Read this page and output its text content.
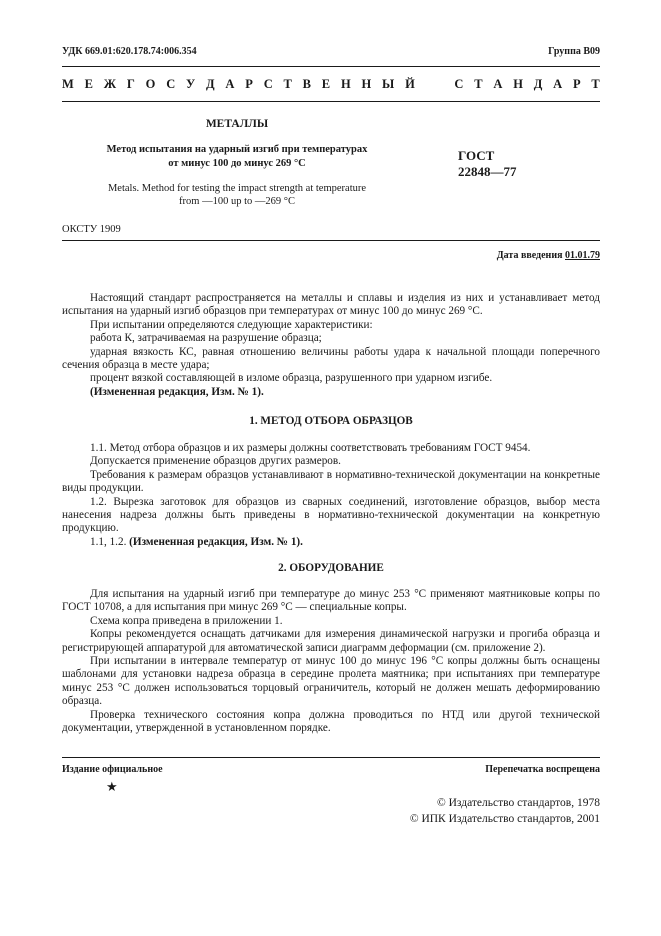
УДК 669.01:620.178.74:006.354	Группа В09
М Е Ж Г О С У Д А Р С Т В Е Н Н Ы Й	С Т А Н Д А Р Т
МЕТАЛЛЫ
Метод испытания на ударный изгиб при температурах
от минус 100 до минус 269 °С	ГОСТ
22848—77
Metals. Method for testing the impact strength at temperature
from —100 up to —269 °С
ОКСТУ 1909
Дата введения 01.01.79

Настоящий стандарт распространяется на металлы и сплавы и изделия из них и устанавливает метод испытания на ударный изгиб образцов при температурах от минус 100 до минус 269 °С.

При испытании определяются следующие характеристики:

работа К, затрачиваемая на разрушение образца;

ударная вязкость КС, равная отношению величины работы удара к начальной площади поперечного сечения образца в месте удара;

процент вязкой составляющей в изломе образца, разрушенного при ударном изгибе.

(Измененная редакция, Изм. № 1).

1. МЕТОД ОТБОРА ОБРАЗЦОВ

1.1. Метод отбора образцов и их размеры должны соответствовать требованиям ГОСТ 9454.

Допускается применение образцов других размеров.

Требования к размерам образцов устанавливают в нормативно-технической документации на конкретные виды продукции.

1.2. Вырезка заготовок для образцов из сварных соединений, изготовление образцов, выбор места нанесения надреза должны быть приведены в нормативно-технической документации на конкретную продукцию.

1.1, 1.2. (Измененная редакция, Изм. № 1).

2. ОБОРУДОВАНИЕ

Для испытания на ударный изгиб при температуре до минус 253 °С применяют маятниковые копры по ГОСТ 10708, а для испытания при минус 269 °С — специальные копры.

Схема копра приведена в приложении 1.

Копры рекомендуется оснащать датчиками для измерения динамической нагрузки и прогиба образца и регистрирующей аппаратурой для автоматической записи диаграмм деформации (см. приложение 2).

При испытании в интервале температур от минус 100 до минус 196 °С копры должны быть оснащены шаблонами для установки надреза образца в середине пролета маятника; при испытаниях при температуре минус 253 °С должен использоваться торцовый ограничитель, который не должен мешать деформированию образца.

Проверка технического состояния копра должна проводиться по НТД или другой технической документации, утвержденной в установленном порядке.

Издание официальное	Перепечатка воспрещена
★
© Издательство стандартов, 1978
© ИПК Издательство стандартов, 2001
